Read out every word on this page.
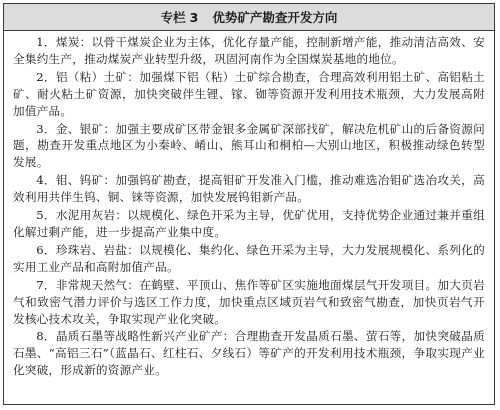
专栏 3 优势矿产勘查开发方向

1．煤炭：以骨干煤炭企业为主体，优化存量产能，控制新增产能，推动清洁高效、安全集约生产，推动煤炭产业转型升级，巩固河南作为全国煤炭基地的地位。

2．铝（粘）土矿：加强煤下铝（粘）土矿综合勘查，合理高效利用铝土矿、高铝粘土矿、耐火粘土矿资源，加快突破伴生锂、镓、铷等资源开发利用技术瓶颈，大力发展高附加值产品。

3．金、银矿：加强主要成矿区带金银多金属矿深部找矿，解决危机矿山的后备资源问题，勘查开发重点地区为小秦岭、崤山、熊耳山和桐柏—大别山地区，积极推动绿色转型发展。

4．钼、钨矿：加强钨矿勘查，提高钼矿开发准入门槛，推动难选冶钼矿选冶攻关，高效利用共伴生钨、铜、铼等资源，加快发展钨钼新产品。

5．水泥用灰岩：以规模化、绿色开采为主导，优矿优用，支持优势企业通过兼并重组化解过剩产能，进一步提高产业集中度。

6．珍珠岩、岩盐：以规模化、集约化、绿色开采为主导，大力发展规模化、系列化的实用工业产品和高附加值产品。

7．非常规天然气：在鹤壁、平顶山、焦作等矿区实施地面煤层气开发项目。加大页岩气和致密气潜力评价与选区工作力度，加快重点区域页岩气和致密气勘查，加快页岩气开发核心技术攻关，争取实现产业化突破。

8．晶质石墨等战略性新兴产业矿产：合理勘查开发晶质石墨、萤石等，加快突破晶质石墨、“高铝三石”（蓝晶石、红柱石、夕线石）等矿产的开发利用技术瓶颈，争取实现产业化突破，形成新的资源产业。
